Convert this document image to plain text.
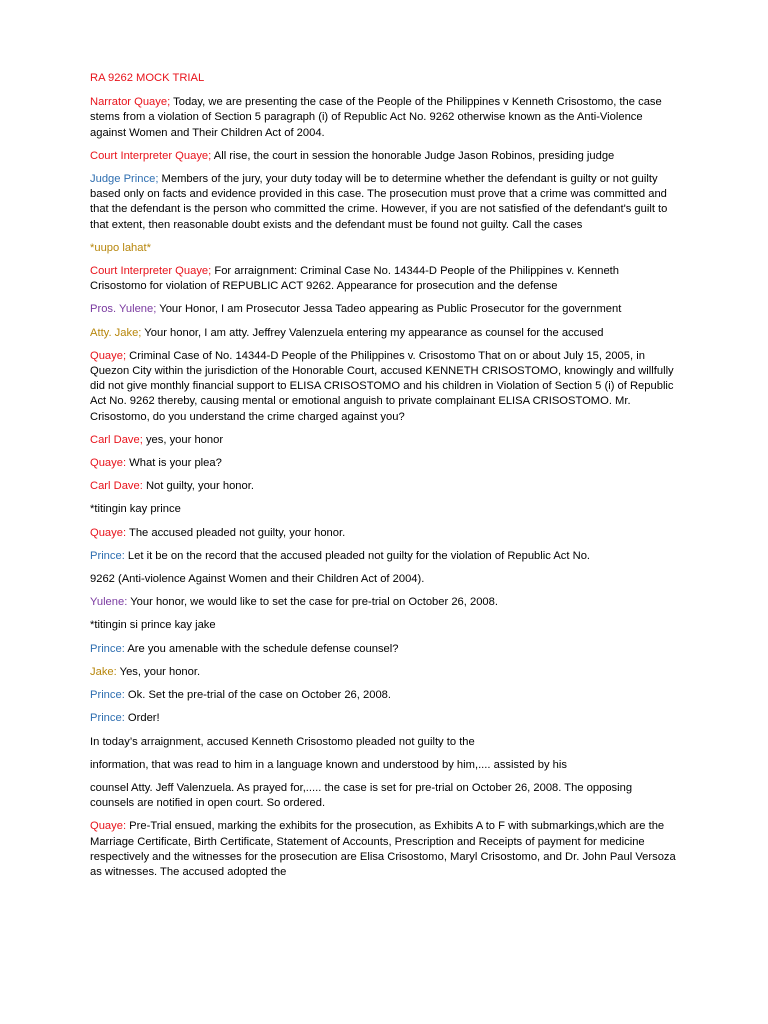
RA 9262 MOCK TRIAL
Narrator Quaye; Today, we are presenting the case of the People of the Philippines v Kenneth Crisostomo, the case stems from a violation of Section 5 paragraph (i) of Republic Act No. 9262 otherwise known as the Anti-Violence against Women and Their Children Act of 2004.
Court Interpreter Quaye; All rise, the court in session the honorable Judge Jason Robinos, presiding judge
Judge Prince; Members of the jury, your duty today will be to determine whether the defendant is guilty or not guilty based only on facts and evidence provided in this case. The prosecution must prove that a crime was committed and that the defendant is the person who committed the crime. However, if you are not satisfied of the defendant's guilt to that extent, then reasonable doubt exists and the defendant must be found not guilty. Call the cases
*uupo lahat*
Court Interpreter Quaye; For arraignment: Criminal Case No. 14344-D People of the Philippines v. Kenneth Crisostomo for violation of REPUBLIC ACT 9262. Appearance for prosecution and the defense
Pros. Yulene; Your Honor, I am Prosecutor Jessa Tadeo appearing as Public Prosecutor for the government
Atty. Jake; Your honor, I am atty. Jeffrey Valenzuela entering my appearance as counsel for the accused
Quaye; Criminal Case of No. 14344-D People of the Philippines v. Crisostomo That on or about July 15, 2005, in Quezon City within the jurisdiction of the Honorable Court, accused KENNETH CRISOSTOMO, knowingly and willfully did not give monthly financial support to ELISA CRISOSTOMO and his children in Violation of Section 5 (i) of Republic Act No. 9262 thereby, causing mental or emotional anguish to private complainant ELISA CRISOSTOMO. Mr. Crisostomo, do you understand the crime charged against you?
Carl Dave; yes, your honor
Quaye: What is your plea?
Carl Dave: Not guilty, your honor.
*titingin kay prince
Quaye: The accused pleaded not guilty, your honor.
Prince: Let it be on the record that the accused pleaded not guilty for the violation of Republic Act No.
9262 (Anti-violence Against Women and their Children Act of 2004).
Yulene: Your honor, we would like to set the case for pre-trial on October 26, 2008.
*titingin si prince kay jake
Prince: Are you amenable with the schedule defense counsel?
Jake: Yes, your honor.
Prince: Ok. Set the pre-trial of the case on October 26, 2008.
Prince: Order!
In today’s arraignment, accused Kenneth Crisostomo pleaded not guilty to the
information, that was read to him in a language known and understood by him,.... assisted by his
counsel Atty. Jeff Valenzuela. As prayed for,..... the case is set for pre-trial on October 26, 2008. The opposing counsels are notified in open court. So ordered.
Quaye: Pre-Trial ensued, marking the exhibits for the prosecution, as Exhibits A to F with submarkings,which are the Marriage Certificate, Birth Certificate, Statement of Accounts, Prescription and Receipts of payment for medicine respectively and the witnesses for the prosecution are Elisa Crisostomo, Maryl Crisostomo, and Dr. John Paul Versoza as witnesses. The accused adopted the
